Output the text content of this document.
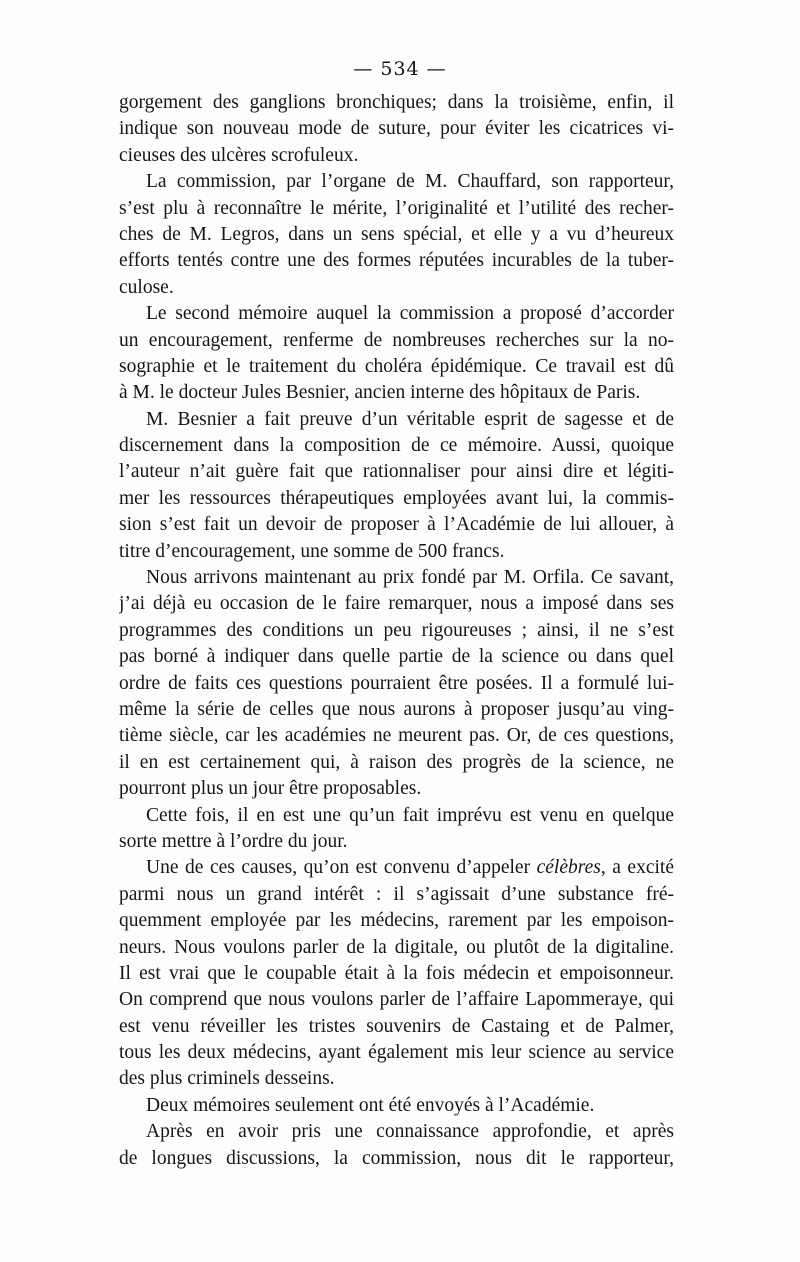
— 534 —
gorgement des ganglions bronchiques; dans la troisième, enfin, il
indique son nouveau mode de suture, pour éviter les cicatrices vi-
cieuses des ulcères scrofuleux.
La commission, par l’organe de M. Chauffard, son rapporteur,
s’est plu à reconnaître le mérite, l’originalité et l’utilité des recher-
ches de M. Legros, dans un sens spécial, et elle y a vu d’heureux
efforts tentés contre une des formes réputées incurables de la tuber-
culose.
Le second mémoire auquel la commission a proposé d’accorder
un encouragement, renferme de nombreuses recherches sur la no-
sographie et le traitement du choléra épidémique. Ce travail est dû
à M. le docteur Jules Besnier, ancien interne des hôpitaux de Paris.
M. Besnier a fait preuve d’un véritable esprit de sagesse et de
discernement dans la composition de ce mémoire. Aussi, quoique
l’auteur n’ait guère fait que rationnaliser pour ainsi dire et légiti-
mer les ressources thérapeutiques employées avant lui, la commis-
sion s’est fait un devoir de proposer à l’Académie de lui allouer, à
titre d’encouragement, une somme de 500 francs.
Nous arrivons maintenant au prix fondé par M. Orfila. Ce savant,
j’ai déjà eu occasion de le faire remarquer, nous a imposé dans ses
programmes des conditions un peu rigoureuses ; ainsi, il ne s’est
pas borné à indiquer dans quelle partie de la science ou dans quel
ordre de faits ces questions pourraient être posées. Il a formulé lui-
même la série de celles que nous aurons à proposer jusqu’au ving-
tième siècle, car les académies ne meurent pas. Or, de ces questions,
il en est certainement qui, à raison des progrès de la science, ne
pourront plus un jour être proposables.
Cette fois, il en est une qu’un fait imprévu est venu en quelque
sorte mettre à l’ordre du jour.
Une de ces causes, qu’on est convenu d’appeler célèbres, a excité
parmi nous un grand intérêt : il s’agissait d’une substance fré-
quemment employée par les médecins, rarement par les empoison-
neurs. Nous voulons parler de la digitale, ou plutôt de la digitaline.
Il est vrai que le coupable était à la fois médecin et empoisonneur.
On comprend que nous voulons parler de l’affaire Lapommeraye, qui
est venu réveiller les tristes souvenirs de Castaing et de Palmer,
tous les deux médecins, ayant également mis leur science au service
des plus criminels desseins.
Deux mémoires seulement ont été envoyés à l’Académie.
Après en avoir pris une connaissance approfondie, et après
de longues discussions, la commission, nous dit le rapporteur,
